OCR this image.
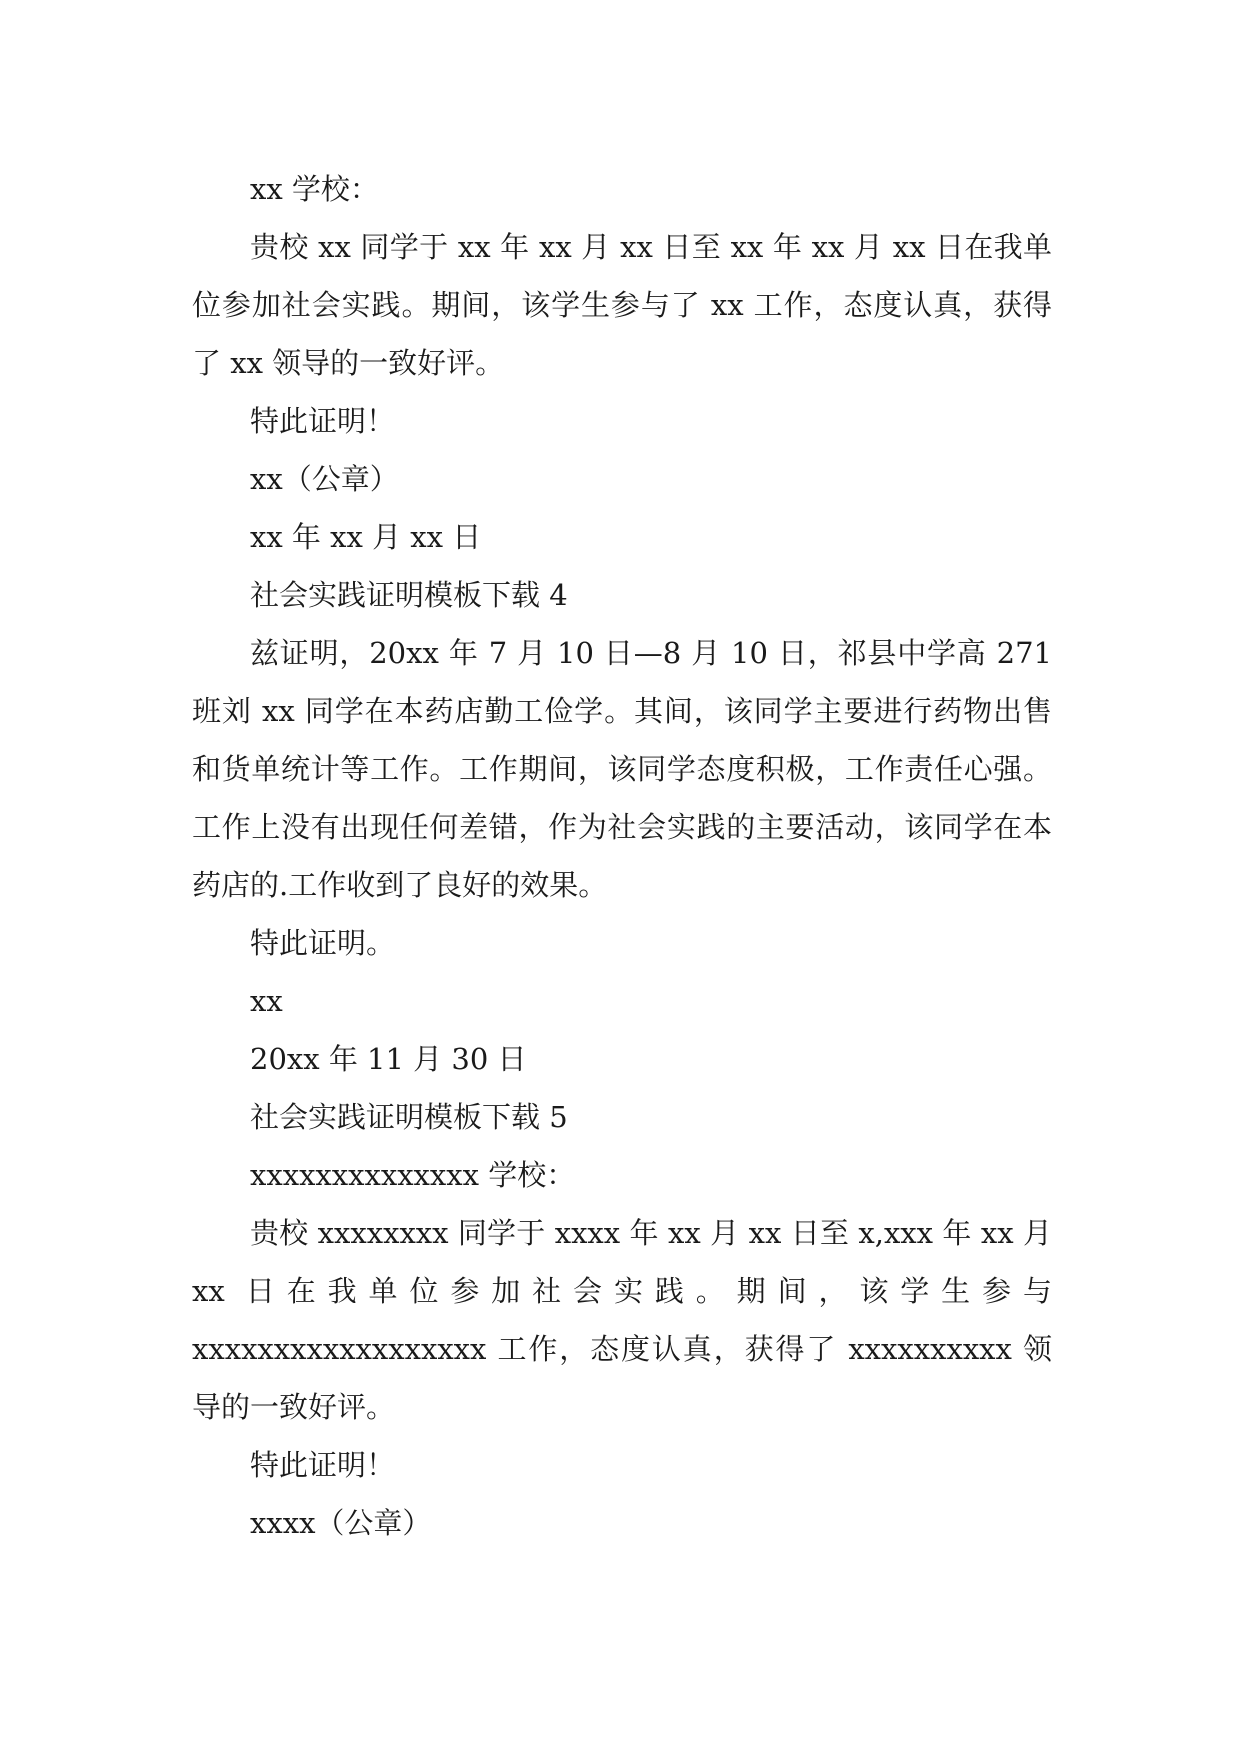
xx 学校：

贵校 xx 同学于 xx 年 xx 月 xx 日至 xx 年 xx 月 xx 日在我单位参加社会实践。期间，该学生参与了 xx 工作，态度认真，获得了 xx 领导的一致好评。

特此证明！

xx（公章）

xx 年 xx 月 xx 日

社会实践证明模板下载 4

兹证明，20xx 年 7 月 10 日—8 月 10 日，祁县中学高 271 班刘 xx 同学在本药店勤工俭学。其间，该同学主要进行药物出售和货单统计等工作。工作期间，该同学态度积极，工作责任心强。工作上没有出现任何差错，作为社会实践的主要活动，该同学在本药店的.工作收到了良好的效果。

特此证明。

xx

20xx 年 11 月 30 日

社会实践证明模板下载 5

xxxxxxxxxxxxxx 学校：

贵校 xxxxxxxx 同学于 xxxx 年 xx 月 xx 日至 x,xxx 年 xx 月 xx 日在我单位参加社会实践。期间，该学生参与 xxxxxxxxxxxxxxxxxx 工作，态度认真，获得了 xxxxxxxxxx 领导的一致好评。

特此证明！

xxxx（公章）
